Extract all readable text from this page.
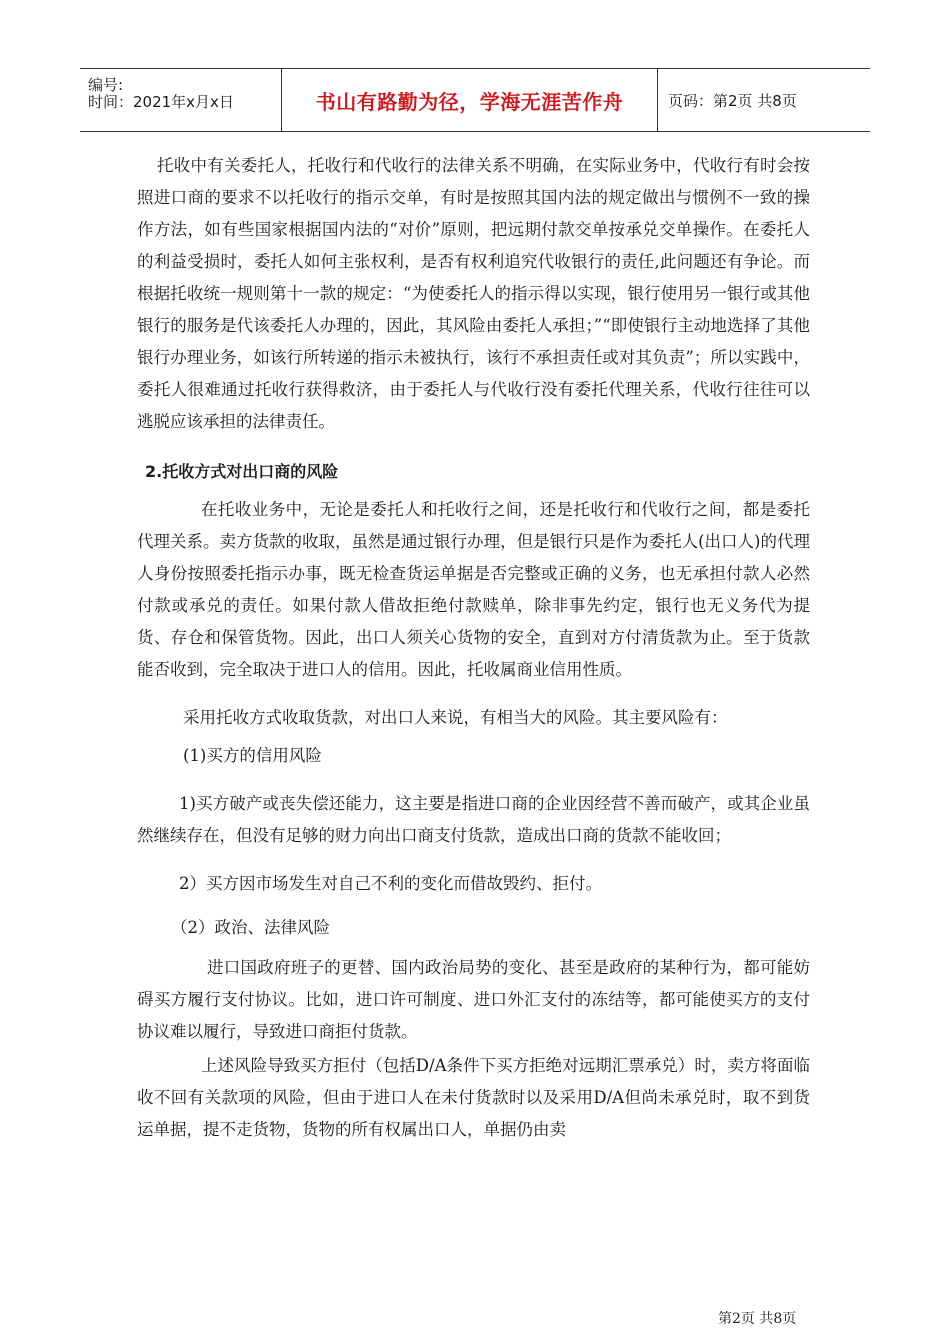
编号:
时间：2021年x月x日	书山有路勤为径，学海无涯苦作舟	页码：第2页 共8页

托收中有关委托人，托收行和代收行的法律关系不明确，在实际业务中，代收行有时会按照进口商的要求不以托收行的指示交单，有时是按照其国内法的规定做出与惯例不一致的操作方法，如有些国家根据国内法的“对价”原则，把远期付款交单按承兑交单操作。在委托人的利益受损时，委托人如何主张权利，是否有权利追究代收银行的责任,此问题还有争论。而根据托收统一规则第十一款的规定：“为使委托人的指示得以实现，银行使用另一银行或其他银行的服务是代该委托人办理的，因此，其风险由委托人承担；”“即使银行主动地选择了其他银行办理业务，如该行所转递的指示未被执行，该行不承担责任或对其负责”；所以实践中，委托人很难通过托收行获得救济，由于委托人与代收行没有委托代理关系，代收行往往可以逃脱应该承担的法律责任。

2.托收方式对出口商的风险

在托收业务中，无论是委托人和托收行之间，还是托收行和代收行之间，都是委托代理关系。卖方货款的收取，虽然是通过银行办理，但是银行只是作为委托人(出口人)的代理人身份按照委托指示办事，既无检查货运单据是否完整或正确的义务，也无承担付款人必然付款或承兑的责任。如果付款人借故拒绝付款赎单，除非事先约定，银行也无义务代为提货、存仓和保管货物。因此，出口人须关心货物的安全，直到对方付清货款为止。至于货款能否收到，完全取决于进口人的信用。因此，托收属商业信用性质。

采用托收方式收取货款，对出口人来说，有相当大的风险。其主要风险有：

(1)买方的信用风险

1)买方破产或丧失偿还能力，这主要是指进口商的企业因经营不善而破产，或其企业虽然继续存在，但没有足够的财力向出口商支付货款，造成出口商的货款不能收回；

2）买方因市场发生对自己不利的变化而借故毁约、拒付。

（2）政治、法律风险

进口国政府班子的更替、国内政治局势的变化、甚至是政府的某种行为，都可能妨碍买方履行支付协议。比如，进口许可制度、进口外汇支付的冻结等，都可能使买方的支付协议难以履行，导致进口商拒付货款。

上述风险导致买方拒付（包括D/A条件下买方拒绝对远期汇票承兑）时，卖方将面临收不回有关款项的风险，但由于进口人在未付货款时以及采用D/A但尚未承兑时，取不到货运单据，提不走货物，货物的所有权属出口人，单据仍由卖

第2页 共8页
